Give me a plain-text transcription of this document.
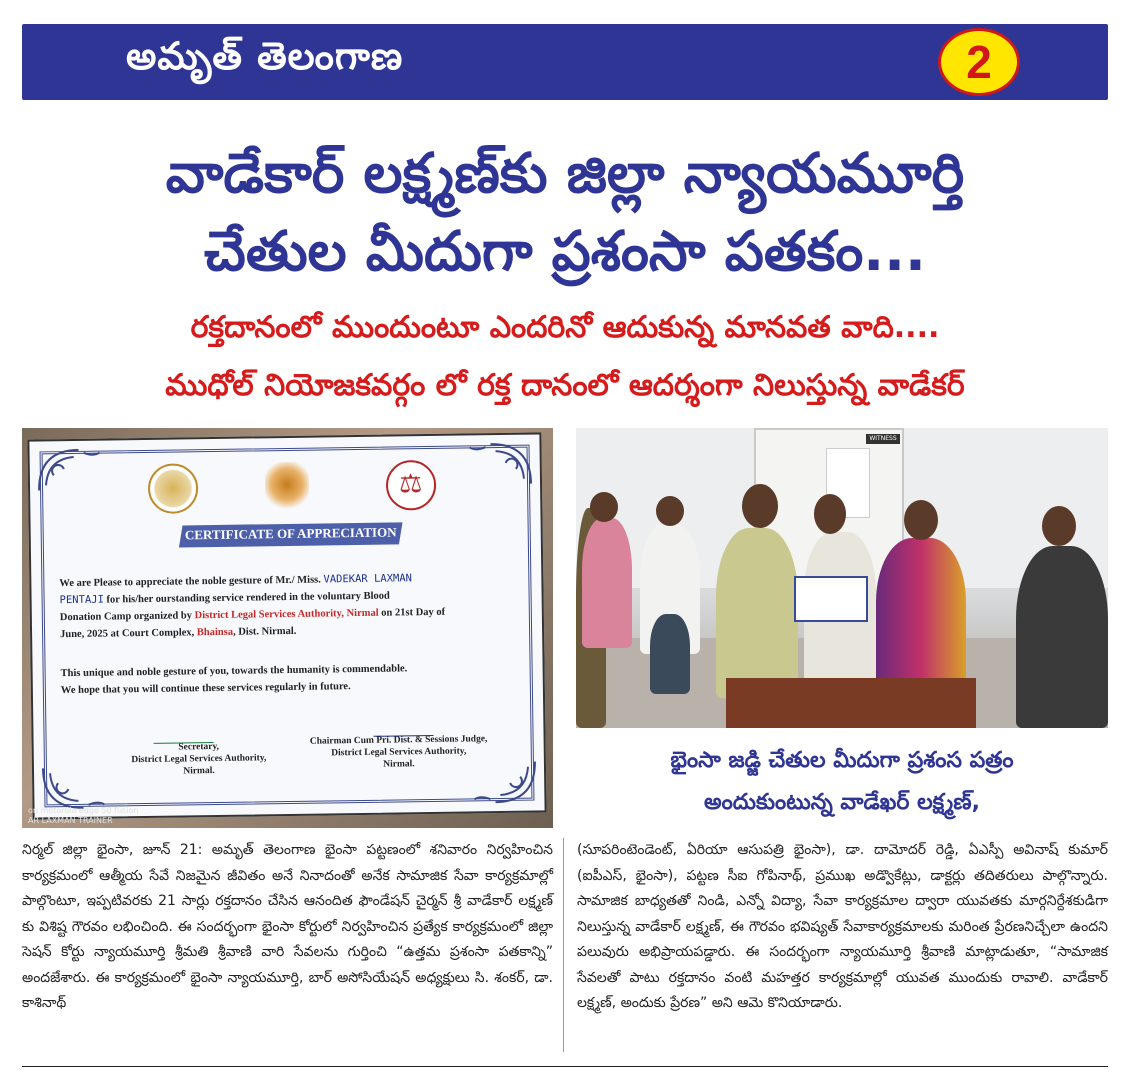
అమృత్ తెలంగాణ	2
వాడేకార్ లక్ష్మణ్‌కు జిల్లా న్యాయమూర్తి
చేతుల మీదుగా ప్రశంసా పతకం...
రక్తదానంలో ముందుంటూ ఎందరినో ఆదుకున్న మానవత వాది....
ముధోల్ నియోజకవర్గం లో రక్త దానంలో ఆదర్శంగా నిలుస్తున్న వాడేకర్
⚖
CERTIFICATE OF APPRECIATION
We are Please to appreciate the noble gesture of Mr./ Miss. VADEKAR LAXMAN
PENTAJI for his/her ourstanding service rendered in the voluntary Blood
Donation Camp organized by District Legal Services Authority, Nirmal on 21st Day of
June, 2025 at Court Complex, Bhainsa, Dist. Nirmal.
This unique and noble gesture of you, towards the humanity is commendable.
We hope that you will continue these services regularly in future.
Secretary,
District Legal Services Authority,
Nirmal.
Chairman Cum Pri. Dist. & Sessions Judge,
District Legal Services Authority,
Nirmal.
on motorola edge 50 fusion
AR LAXMAN TRAINER
WITNESS
భైంసా జడ్జి చేతుల మీదుగా ప్రశంస పత్రం
అందుకుంటున్న వాడేఖర్ లక్ష్మణ్,
నిర్మల్ జిల్లా భైంసా, జూన్ 21: అమృత్ తెలంగాణ భైంసా పట్టణంలో శనివారం నిర్వహించిన కార్యక్రమంలో ఆత్మీయ సేవే నిజమైన జీవితం అనే నినాదంతో అనేక సామాజిక సేవా కార్యక్రమాల్లో పాల్గొంటూ, ఇప్పటివరకు 21 సార్లు రక్తదానం చేసిన ఆనందిత ఫౌండేషన్ చైర్మన్ శ్రీ వాడేకార్ లక్ష్మణ్ కు విశిష్ట గౌరవం లభించింది. ఈ సందర్భంగా భైంసా కోర్టులో నిర్వహించిన ప్రత్యేక కార్యక్రమంలో జిల్లా సెషన్ కోర్టు న్యాయమూర్తి శ్రీమతి శ్రీవాణి వారి సేవలను గుర్తించి “ఉత్తమ ప్రశంసా పతకాన్ని” అందజేశారు. ఈ కార్యక్రమంలో భైంసా న్యాయమూర్తి, బార్ అసోసియేషన్ అధ్యక్షులు సి. శంకర్, డా. కాశినాథ్
(సూపరింటెండెంట్, ఏరియా ఆసుపత్రి భైంసా), డా. దామోదర్ రెడ్డి, ఏఎస్పీ అవినాష్ కుమార్ (ఐపీఎస్, భైంసా), పట్టణ సీఐ గోపినాథ్, ప్రముఖ అడ్వొకేట్లు, డాక్టర్లు తదితరులు పాల్గొన్నారు. సామాజిక బాధ్యతతో నిండి, ఎన్నో విద్యా, సేవా కార్యక్రమాల ద్వారా యువతకు మార్గనిర్దేశకుడిగా నిలుస్తున్న వాడేకార్ లక్ష్మణ్, ఈ గౌరవం భవిష్యత్ సేవాకార్యక్రమాలకు మరింత ప్రేరణనిచ్చేలా ఉందని పలువురు అభిప్రాయపడ్డారు. ఈ సందర్భంగా న్యాయమూర్తి శ్రీవాణి మాట్లాడుతూ, “సామాజిక సేవలతో పాటు రక్తదానం వంటి మహత్తర కార్యక్రమాల్లో యువత ముందుకు రావాలి. వాడేకార్ లక్ష్మణ్, అందుకు ప్రేరణ” అని ఆమె కొనియాడారు.
